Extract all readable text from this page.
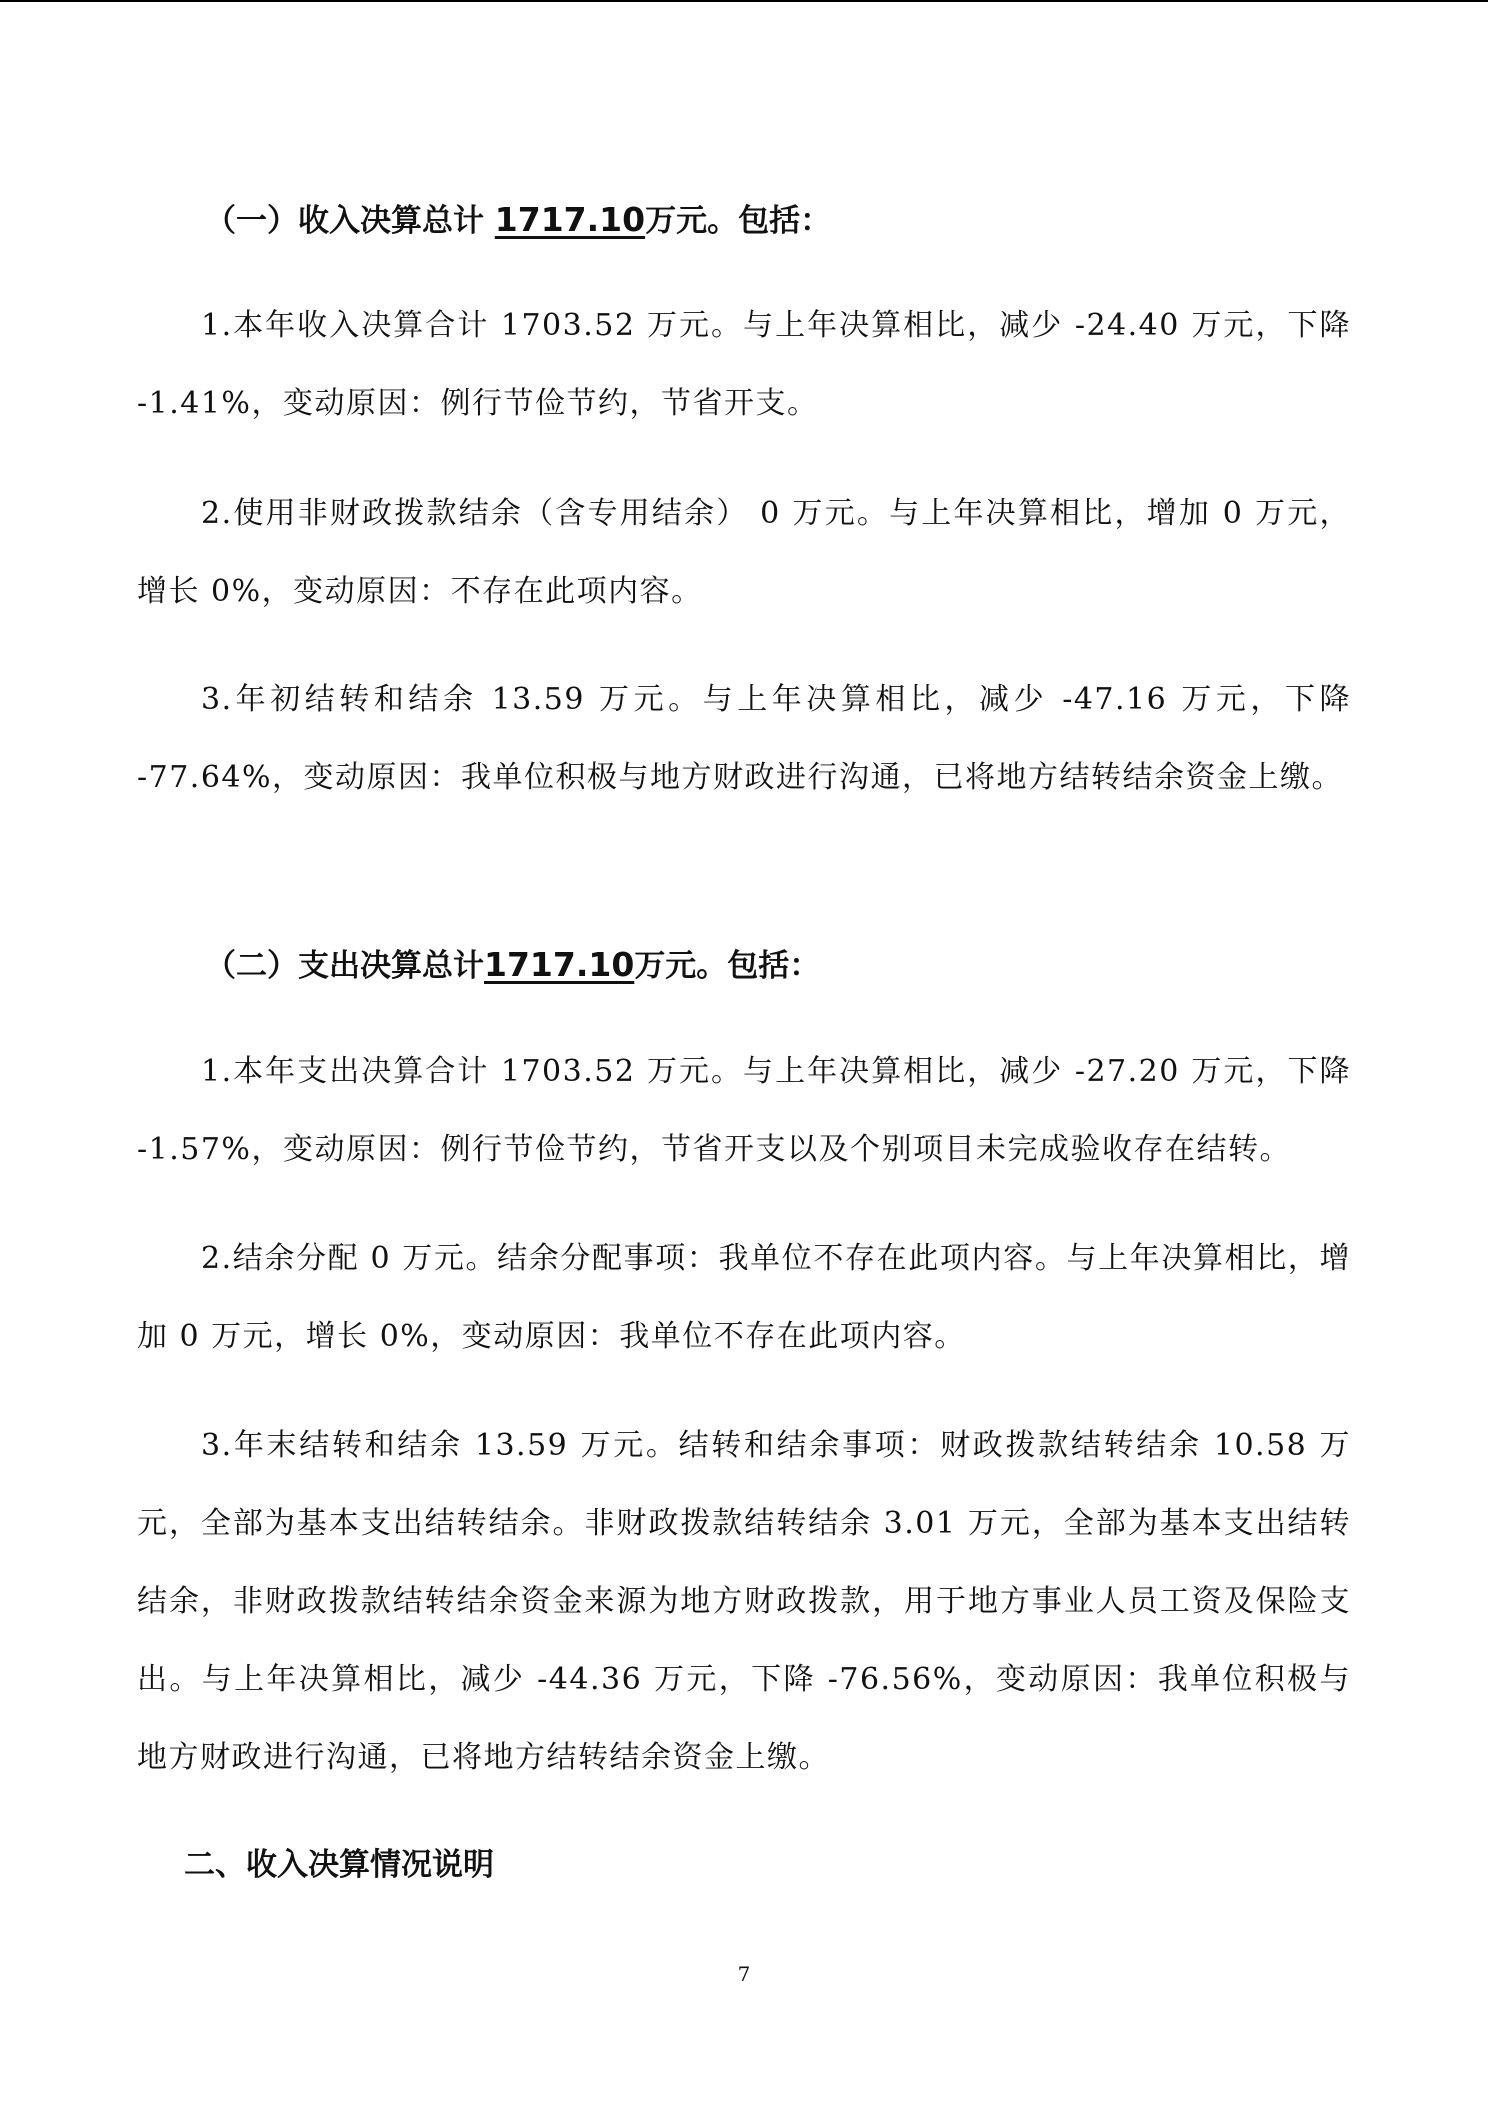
（一）收入决算总计 1717.10万元。包括：

1.本年收入决算合计 1703.52 万元。与上年决算相比，减少 -24.40 万元，下降 -1.41%，变动原因：例行节俭节约，节省开支。

2.使用非财政拨款结余（含专用结余） 0 万元。与上年决算相比，增加 0 万元，增长 0%，变动原因：不存在此项内容。

3.年初结转和结余 13.59 万元。与上年决算相比，减少 -47.16 万元，下降 -77.64%，变动原因：我单位积极与地方财政进行沟通，已将地方结转结余资金上缴。

（二）支出决算总计1717.10万元。包括：

1.本年支出决算合计 1703.52 万元。与上年决算相比，减少 -27.20 万元，下降 -1.57%，变动原因：例行节俭节约，节省开支以及个别项目未完成验收存在结转。

2.结余分配 0 万元。结余分配事项：我单位不存在此项内容。与上年决算相比，增加 0 万元，增长 0%，变动原因：我单位不存在此项内容。

3.年末结转和结余 13.59 万元。结转和结余事项：财政拨款结转结余 10.58 万元，全部为基本支出结转结余。非财政拨款结转结余 3.01 万元，全部为基本支出结转结余，非财政拨款结转结余资金来源为地方财政拨款，用于地方事业人员工资及保险支出。与上年决算相比，减少 -44.36 万元，下降 -76.56%，变动原因：我单位积极与地方财政进行沟通，已将地方结转结余资金上缴。

二、收入决算情况说明
7
